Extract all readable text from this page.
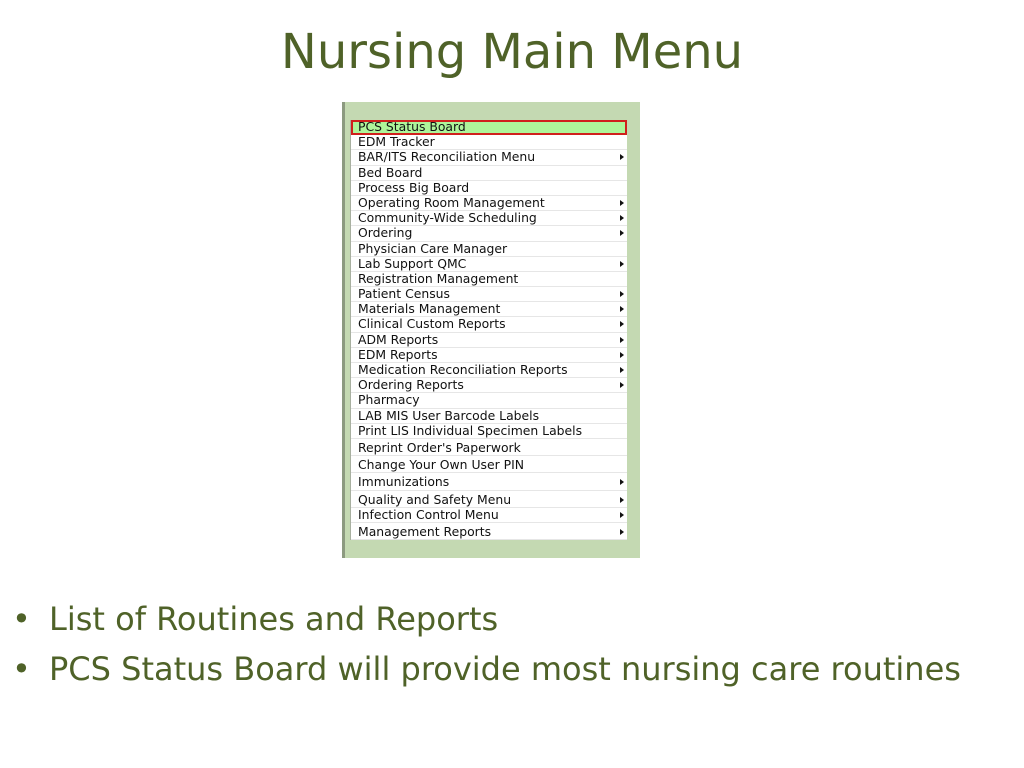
Nursing Main Menu
PCS Status Board
EDM Tracker
BAR/ITS Reconciliation Menu
Bed Board
Process Big Board
Operating Room Management
Community-Wide Scheduling
Ordering
Physician Care Manager
Lab Support QMC
Registration Management
Patient Census
Materials Management
Clinical Custom Reports
ADM Reports
EDM Reports
Medication Reconciliation Reports
Ordering Reports
Pharmacy
LAB MIS User Barcode Labels
Print LIS Individual Specimen Labels
Reprint Order's Paperwork
Change Your Own User PIN
Immunizations
Quality and Safety Menu
Infection Control Menu
Management Reports
• List of Routines and Reports
• PCS Status Board will provide most nursing care routines
